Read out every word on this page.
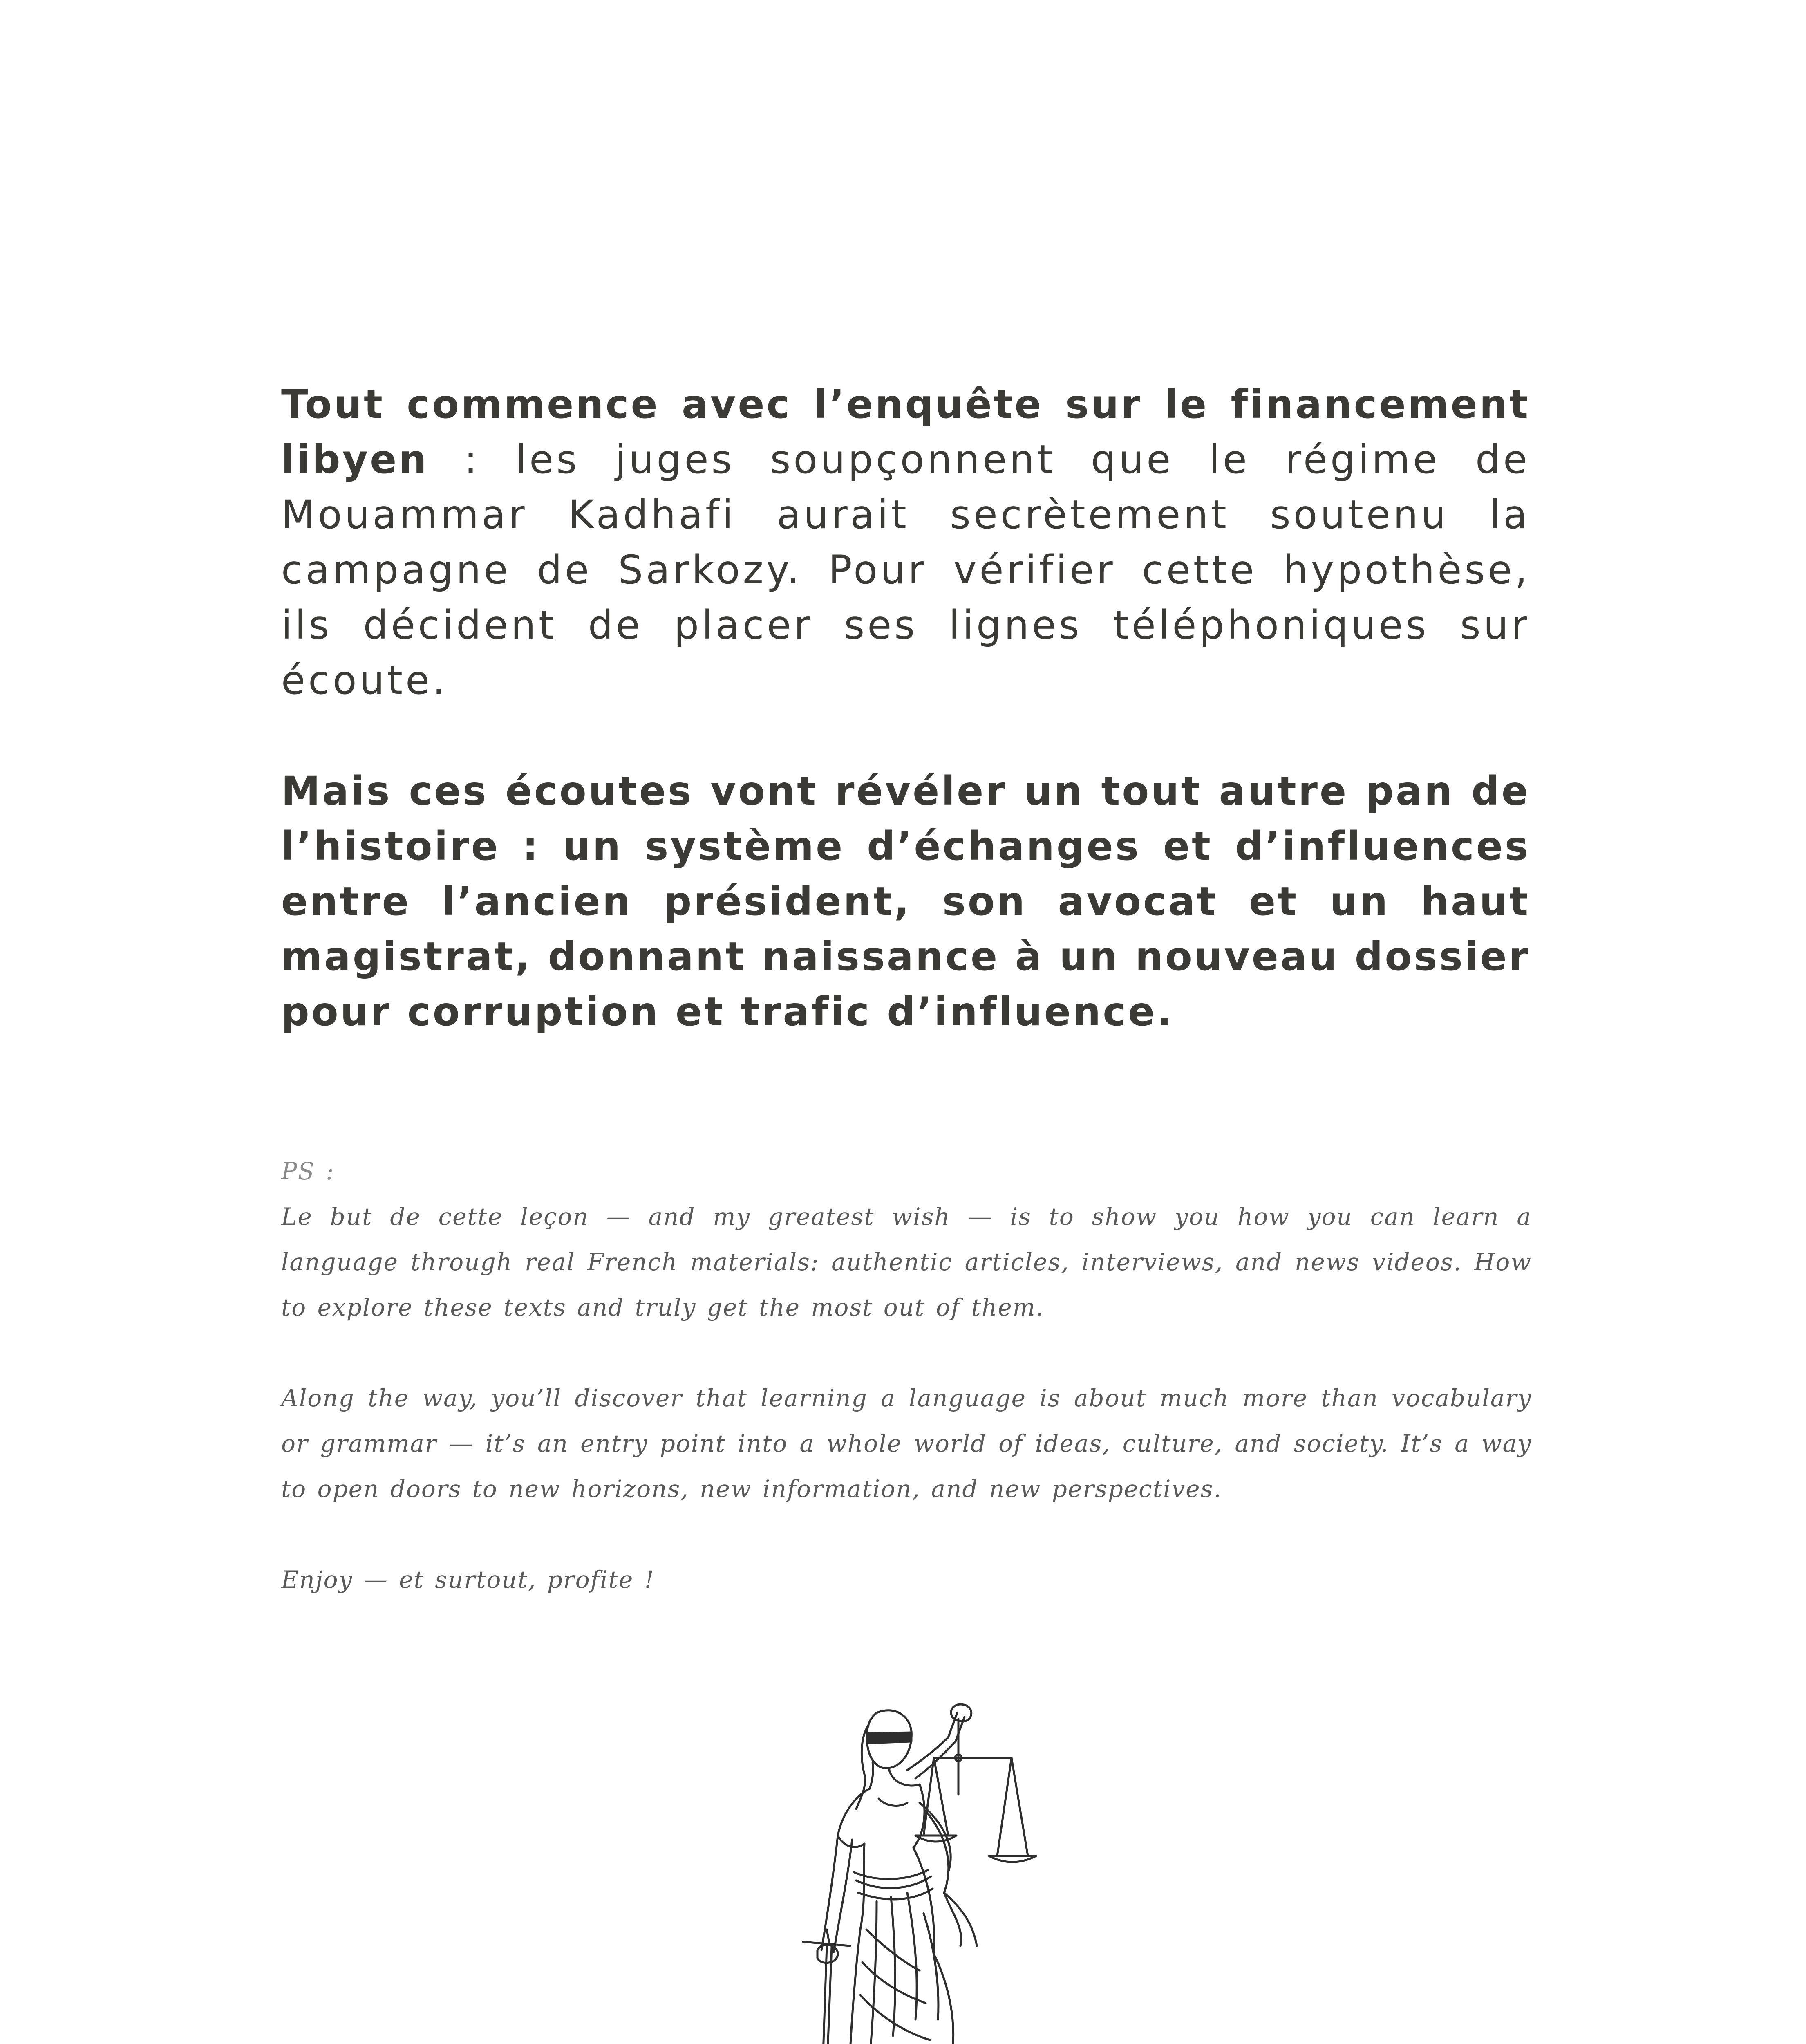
Tout commence avec l’enquête sur le financement libyen : les juges soupçonnent que le régime de Mouammar Kadhafi aurait secrètement soutenu la campagne de Sarkozy. Pour vérifier cette hypothèse, ils décident de placer ses lignes téléphoniques sur écoute.

Mais ces écoutes vont révéler un tout autre pan de l’histoire : un système d’échanges et d’influences entre l’ancien président, son avocat et un haut magistrat, donnant naissance à un nouveau dossier pour corruption et trafic d’influence.

PS :

Le but de cette leçon — and my greatest wish — is to show you how you can learn a language through real French materials: authentic articles, interviews, and news videos. How to explore these texts and truly get the most out of them.

Along the way, you’ll discover that learning a language is about much more than vocabulary or grammar — it’s an entry point into a whole world of ideas, culture, and society. It’s a way to open doors to new horizons, new information, and new perspectives.

Enjoy — et surtout, profite !
